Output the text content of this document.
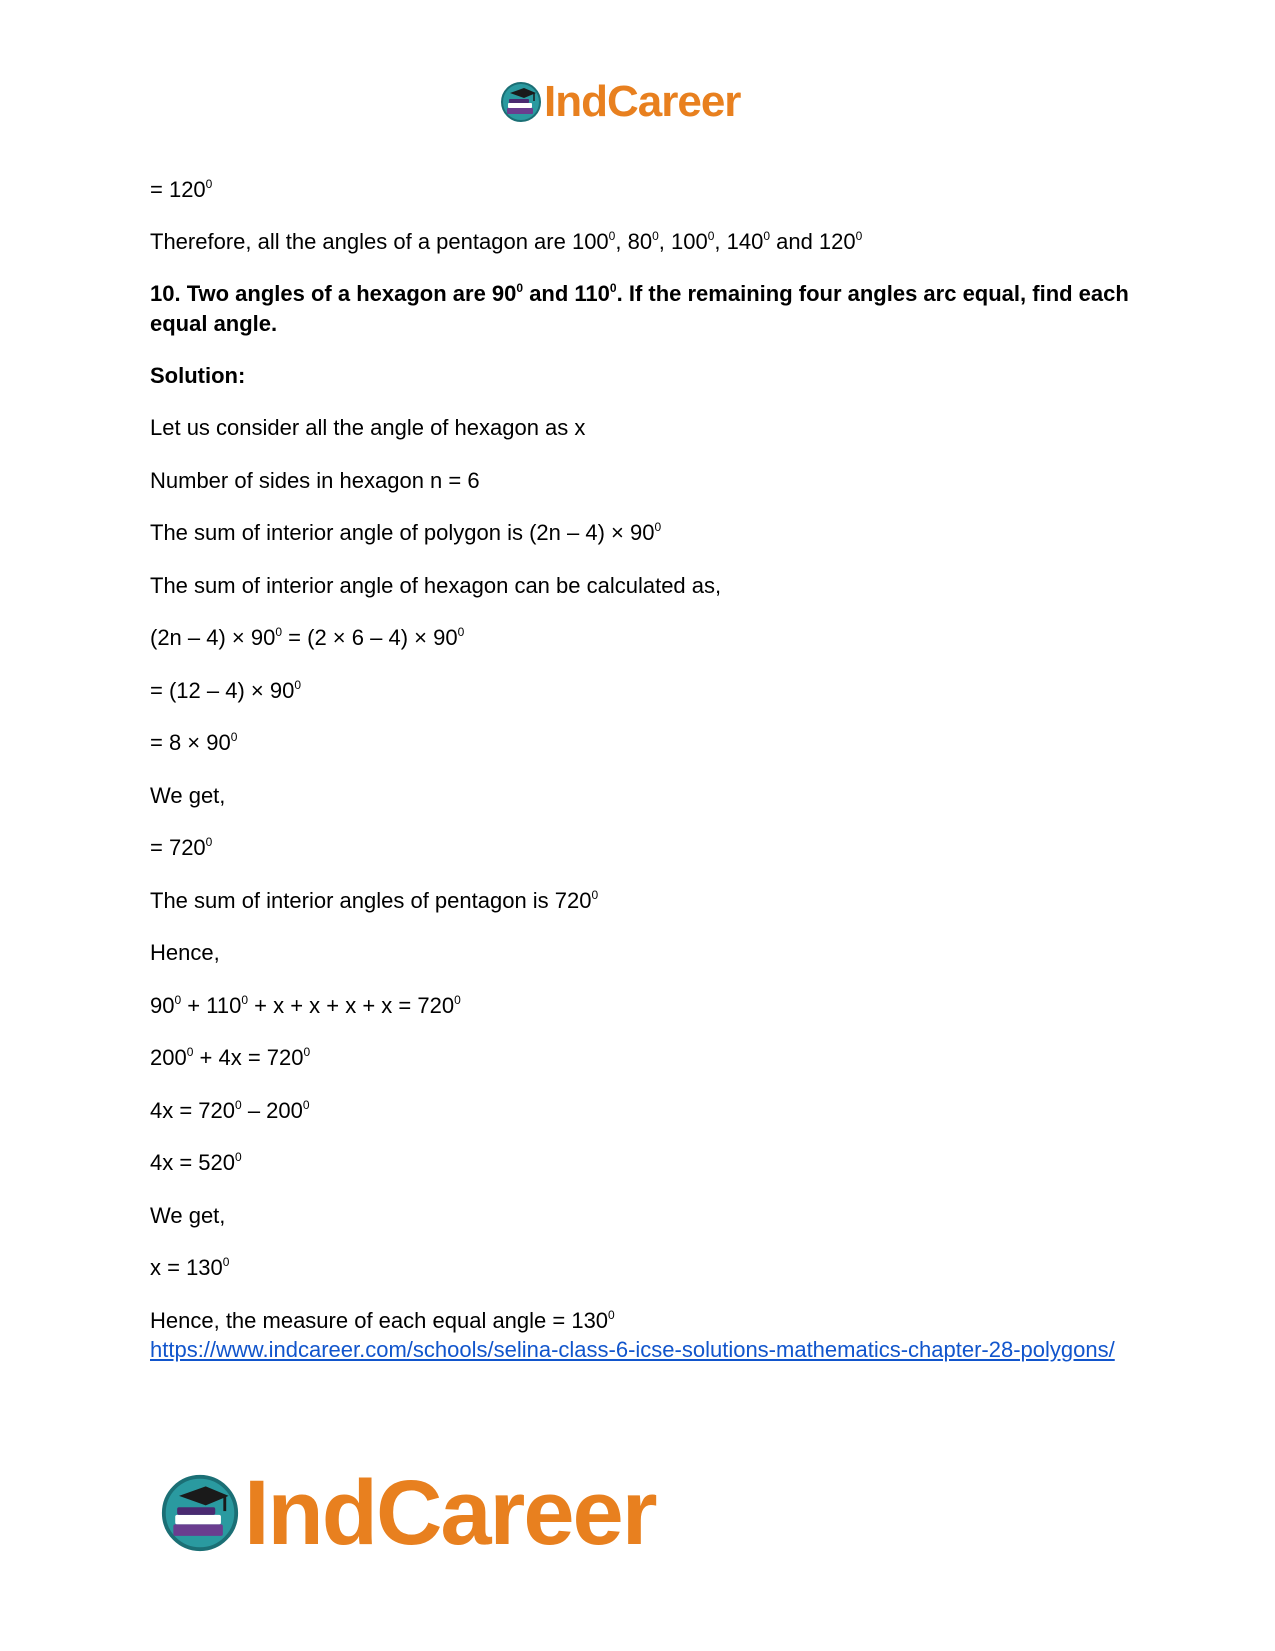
IndCareer

= $120^0$

Therefore, all the angles of a pentagon are $100^0$, $80^0$, $100^0$, $140^0$ and $120^0$

10. Two angles of a hexagon are $90^0$ and $110^0$. If the remaining four angles arc equal, find each equal angle.

Solution:

Let us consider all the angle of hexagon as x

Number of sides in hexagon n = 6

The sum of interior angle of polygon is $(2n - 4) \times 90^0$

The sum of interior angle of hexagon can be calculated as,

$(2n - 4) \times 90^0 = (2 \times 6 - 4) \times 90^0$

= $(12 - 4) \times 90^0$

= $8 \times 90^0$

We get,

= $720^0$

The sum of interior angles of pentagon is $720^0$

Hence,

$90^0 + 110^0 + x + x + x + x = 720^0$

$200^0 + 4x = 720^0$

$4x = 720^0 - 200^0$

$4x = 520^0$

We get,

$x = 130^0$

Hence, the measure of each equal angle = $130^0$

https://www.indcareer.com/schools/selina-class-6-icse-solutions-mathematics-chapter-28-polygons/
IndCareer
